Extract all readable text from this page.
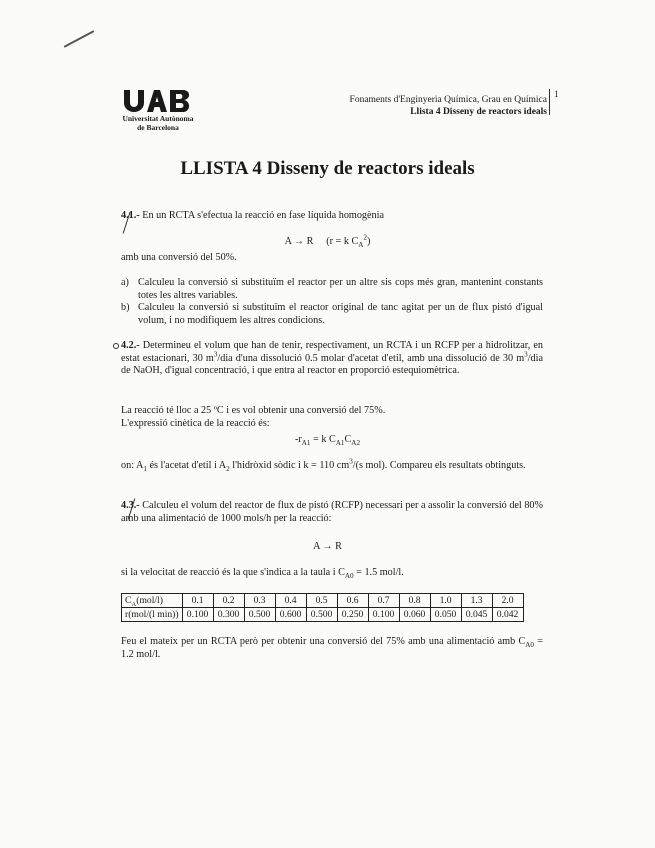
Universitat Autònoma
de Barcelona
Fonaments d'Enginyeria Química, Grau en Química
Llista 4 Disseny de reactors ideals
1
LLISTA 4 Disseny de reactors ideals
4.1.- En un RCTA s'efectua la reacció en fase líquida homogènia
A → R (r = k $C_A^2$)
amb una conversió del 50%.
a) Calculeu la conversió si substituïm el reactor per un altre sis cops més gran, mantenint constants totes les altres variables.
b) Calculeu la conversió si substituïm el reactor original de tanc agitat per un de flux pistó d'igual volum, i no modifiquem les altres condicions.
4.2.- Determineu el volum que han de tenir, respectivament, un RCTA i un RCFP per a hidrolitzar, en estat estacionari, 30 $m^3$/dia d'una dissolució 0.5 molar d'acetat d'etil, amb una dissolució de 30 $m^3$/dia de NaOH, d'igual concentració, i que entra al reactor en proporció estequiomètrica.
La reacció té lloc a 25 ºC i es vol obtenir una conversió del 75%.
L'expressió cinètica de la reacció és:
$-r_{A1} = k$ $C_{A1}C_{A2}$
on: $A_1$ és l'acetat d'etil i $A_2$ l'hidròxid sòdic i k = 110 $cm^3/(s$ mol). Compareu els resultats obtinguts.
4.3.- Calculeu el volum del reactor de flux de pistó (RCFP) necessari per a assolir la conversió del 80% amb una alimentació de 1000 mols/h per la reacció:
A → R
si la velocitat de reacció és la que s'indica a la taula i $C_{A0} = 1.5$ mol/l.
$C_A(mol/l)$	0.1	0.2	0.3	0.4	0.5	0.6	0.7	0.8	1.0	1.3	2.0
r(mol/(l min))	0.100	0.300	0.500	0.600	0.500	0.250	0.100	0.060	0.050	0.045	0.042
Feu el mateix per un RCTA però per obtenir una conversió del 75% amb una alimentació amb $C_{A0} = 1.2$ mol/l.
